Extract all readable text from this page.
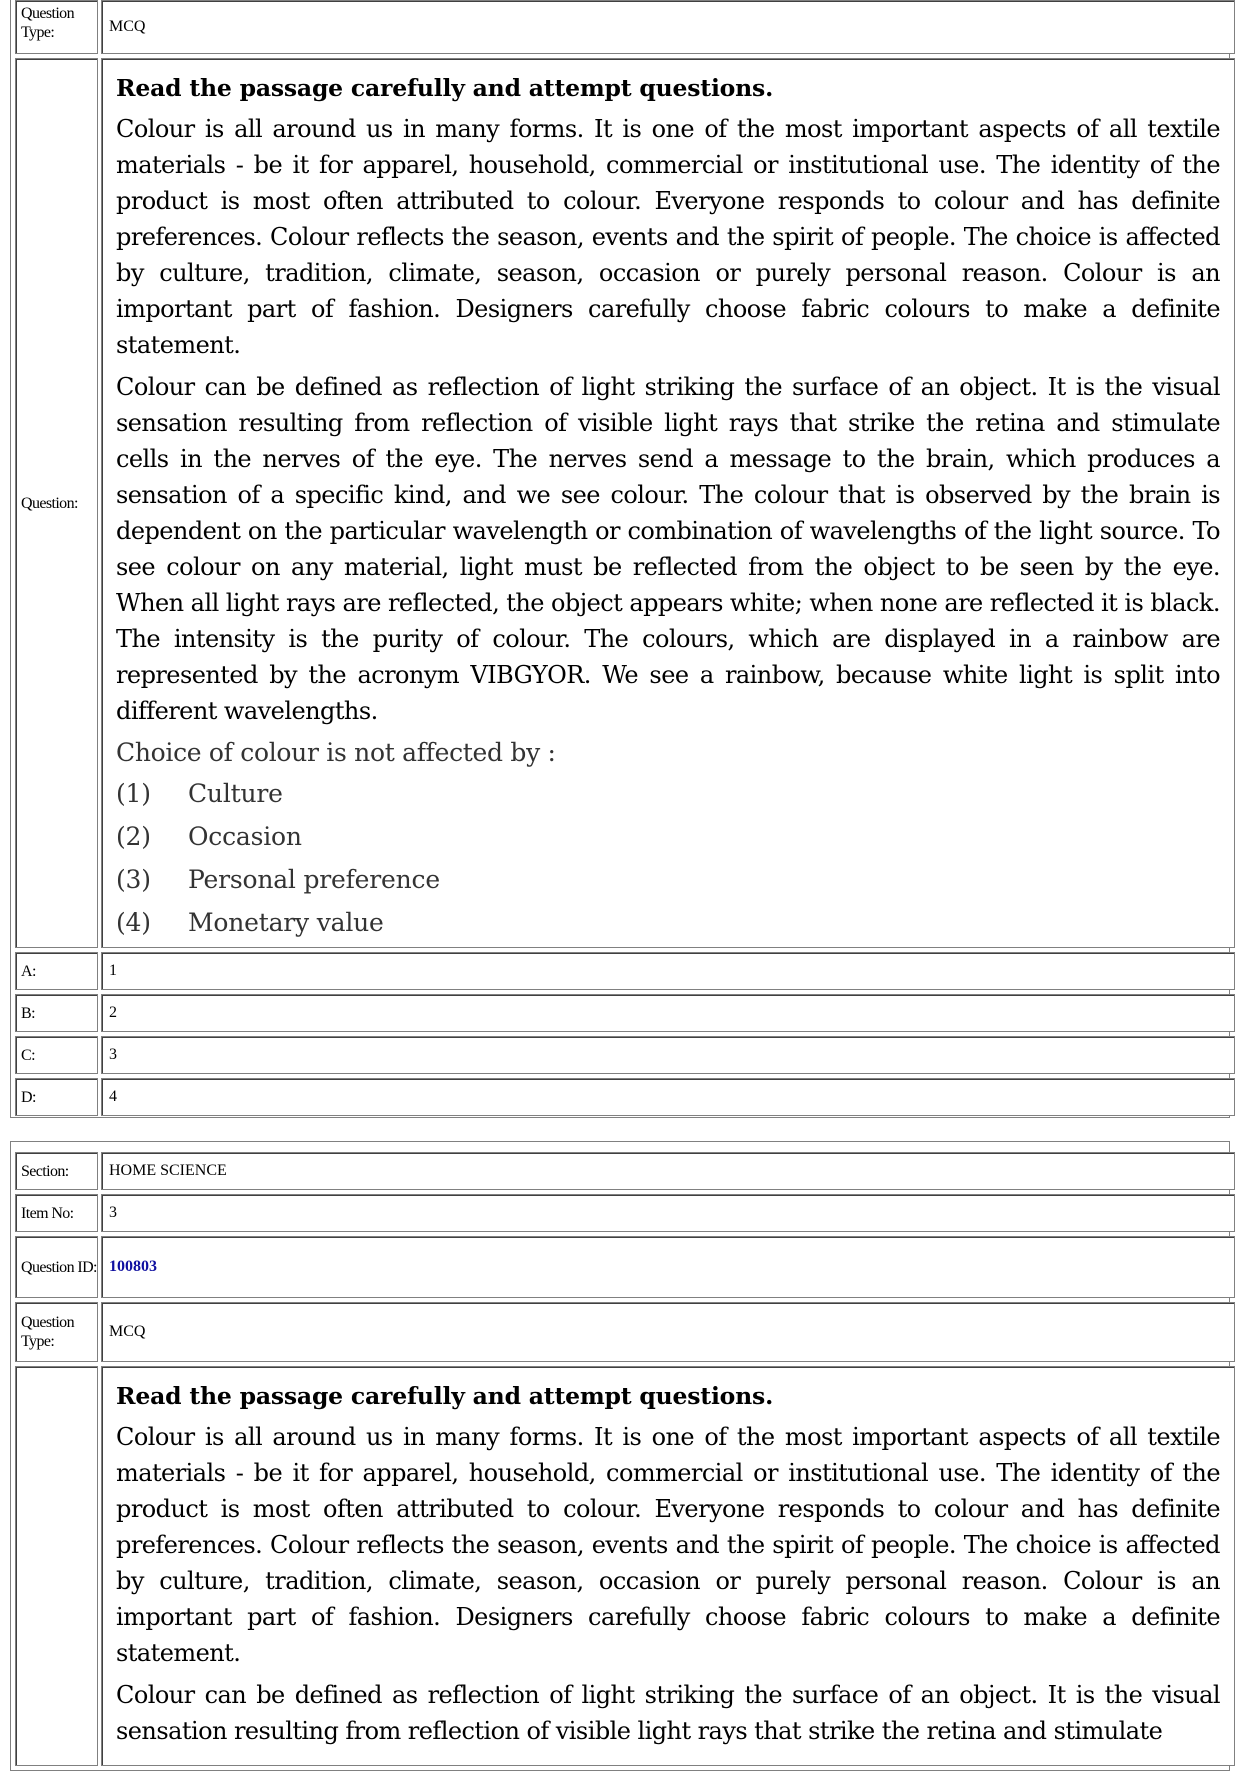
Question Type:	MCQ
Question:
Read the passage carefully and attempt questions.
Colour is all around us in many forms. It is one of the most important aspects of all textile materials - be it for apparel, household, commercial or institutional use. The identity of the product is most often attributed to colour. Everyone responds to colour and has definite preferences. Colour reflects the season, events and the spirit of people. The choice is affected by culture, tradition, climate, season, occasion or purely personal reason. Colour is an important part of fashion. Designers carefully choose fabric colours to make a definite statement.
Colour can be defined as reflection of light striking the surface of an object. It is the visual sensation resulting from reflection of visible light rays that strike the retina and stimulate cells in the nerves of the eye. The nerves send a message to the brain, which produces a sensation of a specific kind, and we see colour. The colour that is observed by the brain is dependent on the particular wavelength or combination of wavelengths of the light source. To see colour on any material, light must be reflected from the object to be seen by the eye. When all light rays are reflected, the object appears white; when none are reflected it is black. The intensity is the purity of colour. The colours, which are displayed in a rainbow are represented by the acronym VIBGYOR. We see a rainbow, because white light is split into different wavelengths.
Choice of colour is not affected by :
(1)	Culture
(2)	Occasion
(3)	Personal preference
(4)	Monetary value
A:	1
B:	2
C:	3
D:	4
Section:	HOME SCIENCE
Item No:	3
Question ID: 100803
Question Type:
MCQ
Read the passage carefully and attempt questions.
Colour is all around us in many forms. It is one of the most important aspects of all textile materials - be it for apparel, household, commercial or institutional use. The identity of the product is most often attributed to colour. Everyone responds to colour and has definite preferences. Colour reflects the season, events and the spirit of people. The choice is affected by culture, tradition, climate, season, occasion or purely personal reason. Colour is an important part of fashion. Designers carefully choose fabric colours to make a definite statement.
Colour can be defined as reflection of light striking the surface of an object. It is the visual sensation resulting from reflection of visible light rays that strike the retina and stimulate
